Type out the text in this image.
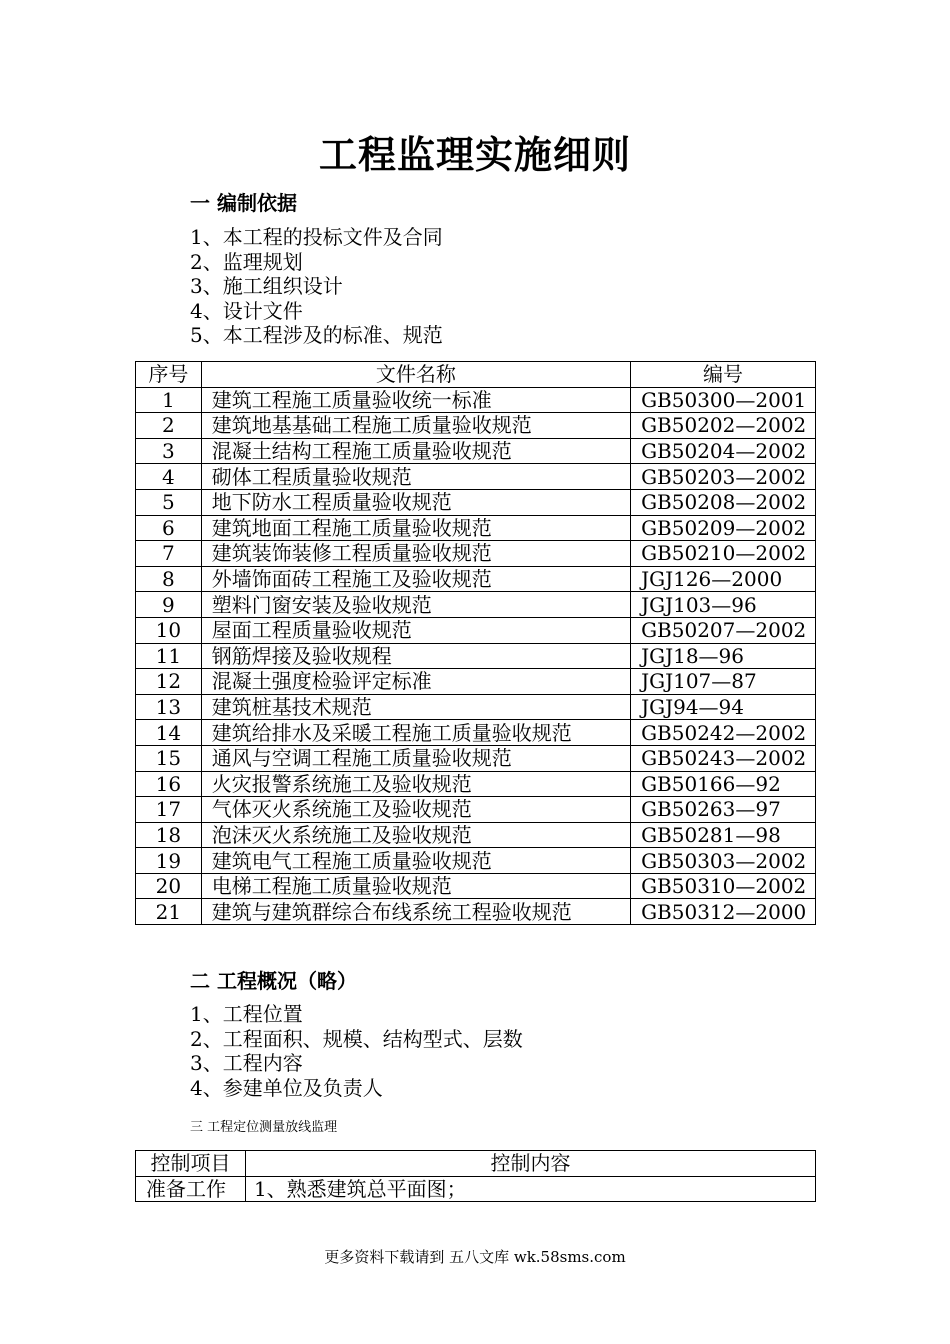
工程监理实施细则
一 编制依据
1、本工程的投标文件及合同
2、监理规划
3、施工组织设计
4、设计文件
5、本工程涉及的标准、规范
序号	文件名称	编号
1	建筑工程施工质量验收统一标准	GB50300—2001
2	建筑地基基础工程施工质量验收规范	GB50202—2002
3	混凝土结构工程施工质量验收规范	GB50204—2002
4	砌体工程质量验收规范	GB50203—2002
5	地下防水工程质量验收规范	GB50208—2002
6	建筑地面工程施工质量验收规范	GB50209—2002
7	建筑装饰装修工程质量验收规范	GB50210—2002
8	外墙饰面砖工程施工及验收规范	JGJ126—2000
9	塑料门窗安装及验收规范	JGJ103—96
10	屋面工程质量验收规范	GB50207—2002
11	钢筋焊接及验收规程	JGJ18—96
12	混凝土强度检验评定标准	JGJ107—87
13	建筑桩基技术规范	JGJ94—94
14	建筑给排水及采暖工程施工质量验收规范	GB50242—2002
15	通风与空调工程施工质量验收规范	GB50243—2002
16	火灾报警系统施工及验收规范	GB50166—92
17	气体灭火系统施工及验收规范	GB50263—97
18	泡沫灭火系统施工及验收规范	GB50281—98
19	建筑电气工程施工质量验收规范	GB50303—2002
20	电梯工程施工质量验收规范	GB50310—2002
21	建筑与建筑群综合布线系统工程验收规范	GB50312—2000
二 工程概况（略）
1、工程位置
2、工程面积、规模、结构型式、层数
3、工程内容
4、参建单位及负责人
三 工程定位测量放线监理
控制项目	控制内容
准备工作	1、熟悉建筑总平面图；
更多资料下载请到 五八文库 wk.58sms.com
